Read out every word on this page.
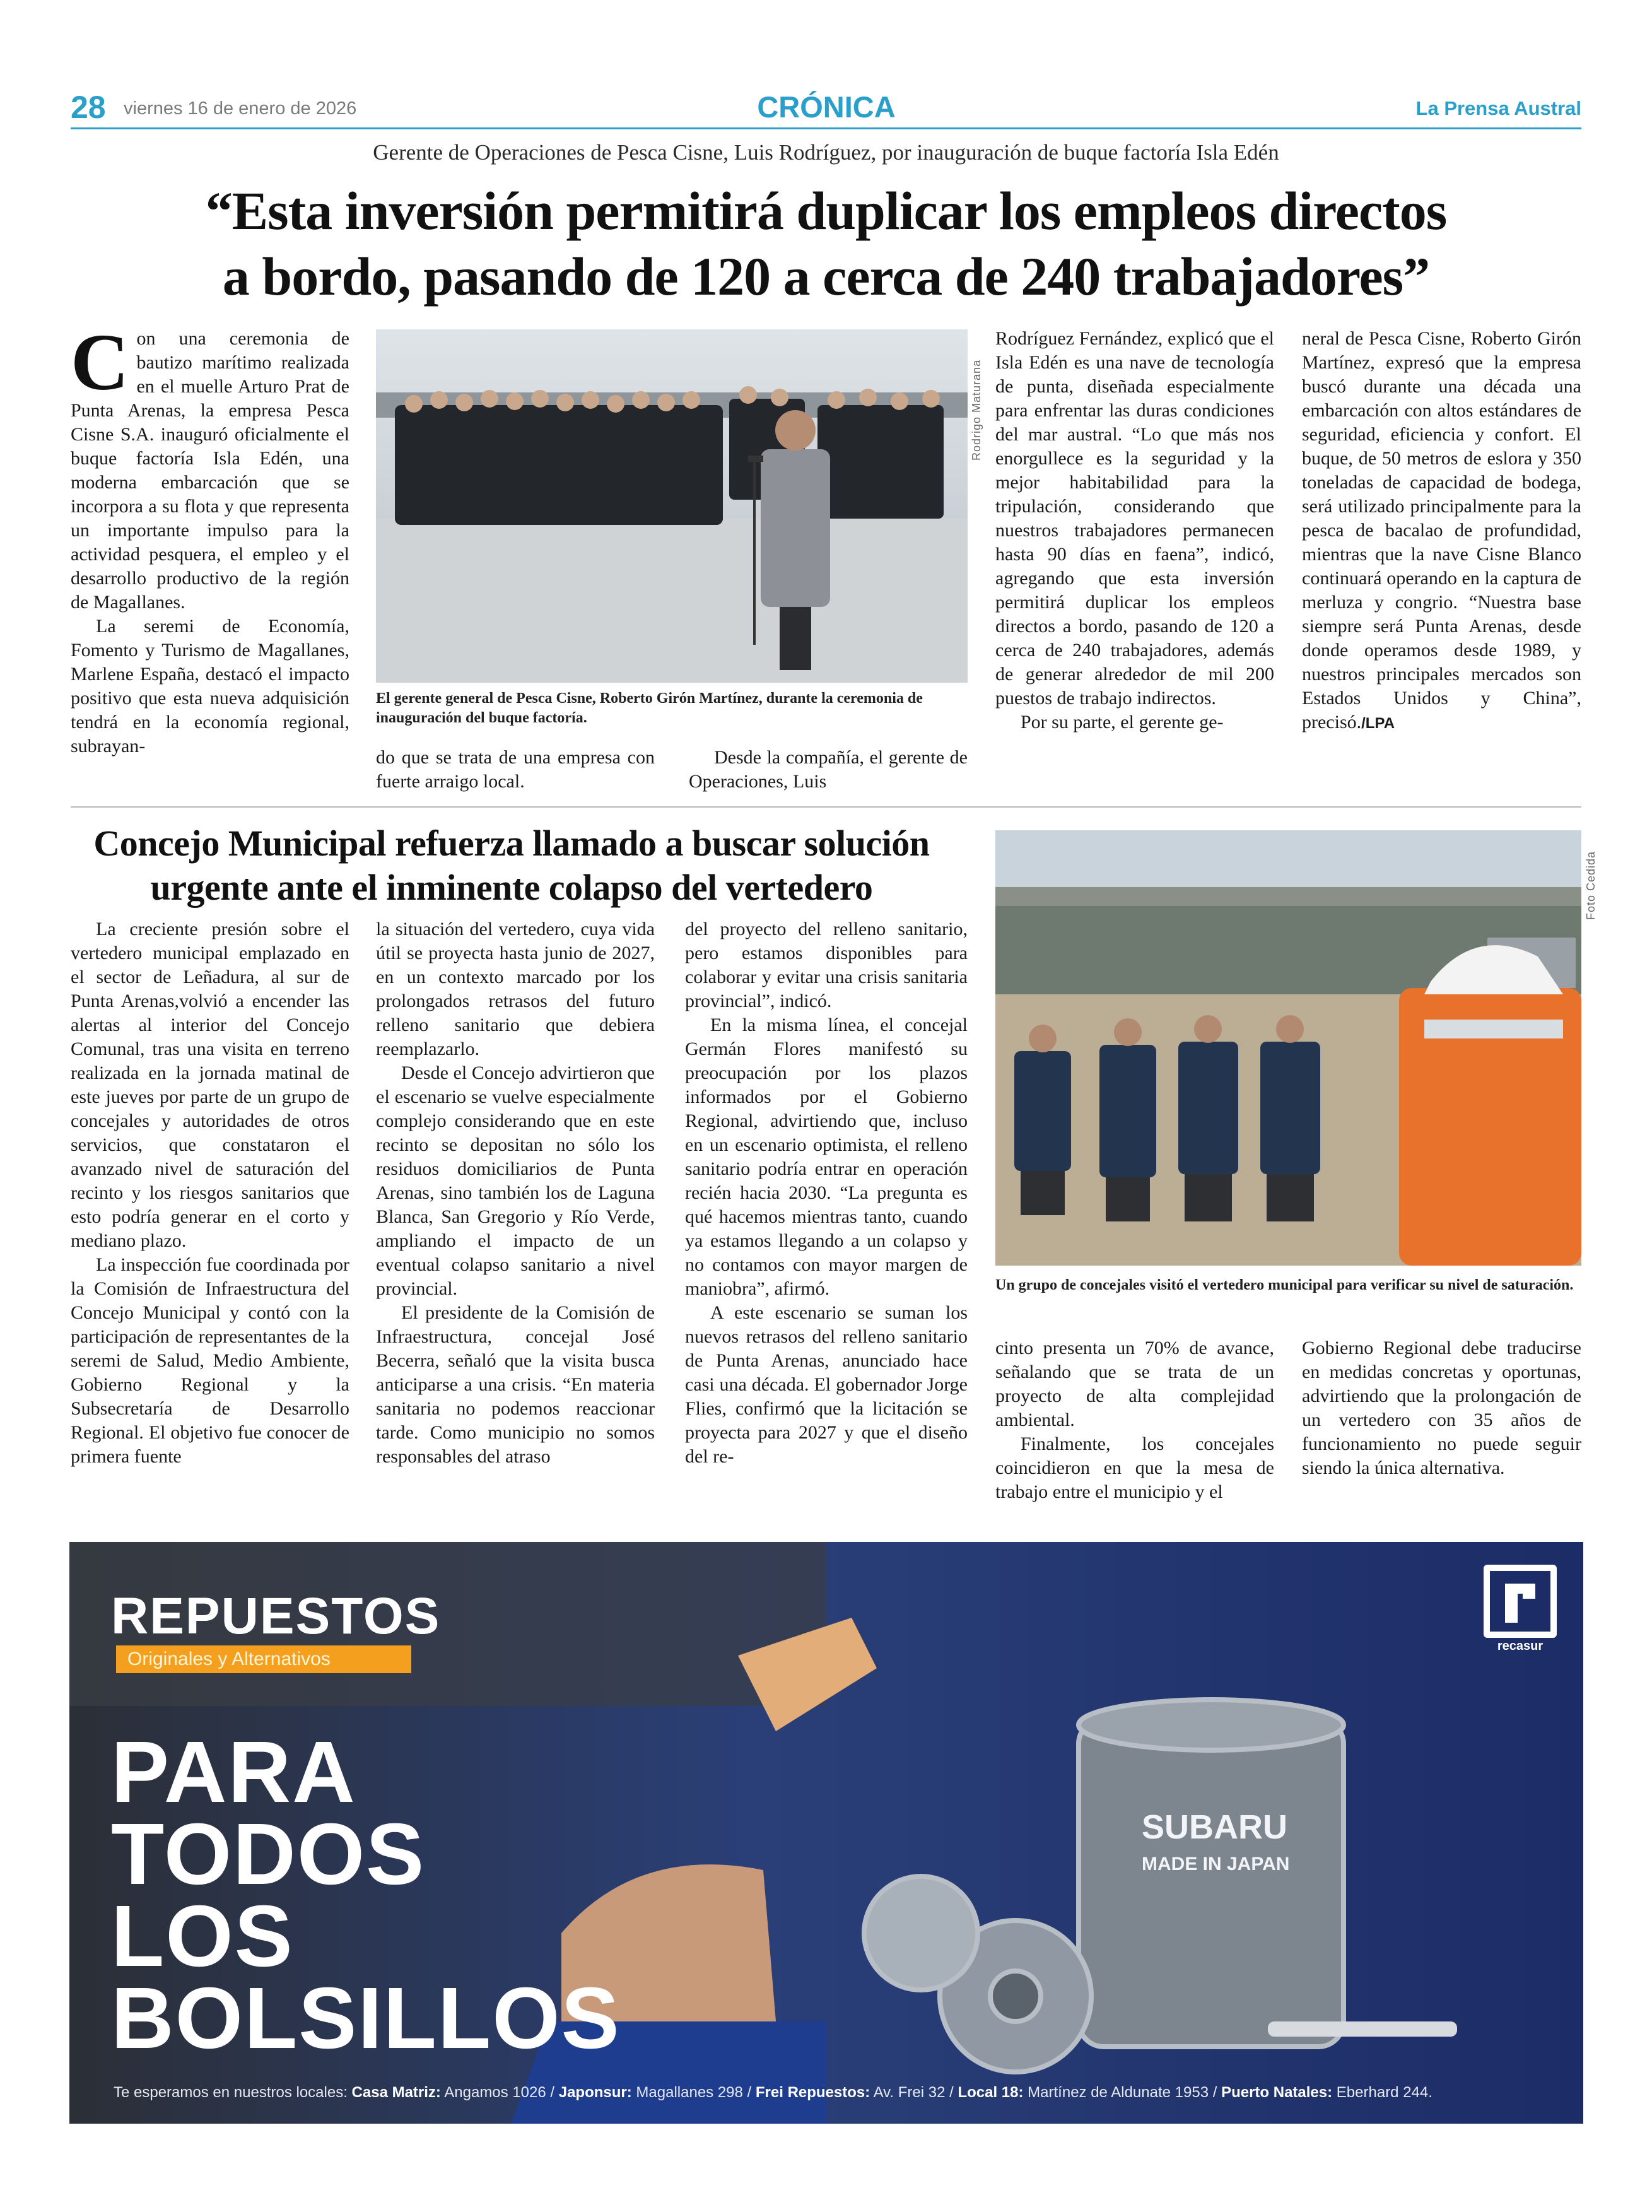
28 viernes 16 de enero de 2026	CRÓNICA	La Prensa Austral
Gerente de Operaciones de Pesca Cisne, Luis Rodríguez, por inauguración de buque factoría Isla Edén
“Esta inversión permitirá duplicar los empleos directos
a bordo, pasando de 120 a cerca de 240 trabajadores”

Con una ceremonia de bautizo marítimo realizada en el muelle Arturo Prat de Punta Arenas, la empresa Pesca Cisne S.A. inauguró oficialmente el buque factoría Isla Edén, una moderna embarcación que se incorpora a su flota y que representa un importante impulso para la actividad pesquera, el empleo y el desarrollo productivo de la región de Magallanes.

La seremi de Economía, Fomento y Turismo de Magallanes, Marlene España, destacó el impacto positivo que esta nueva adquisición tendrá en la economía regional, subrayan-

Rodrigo Maturana
El gerente general de Pesca Cisne, Roberto Girón Martínez, durante la ceremonia de inauguración del buque factoría.

do que se trata de una empresa con fuerte arraigo local.

Desde la compañía, el gerente de Operaciones, Luis

Rodríguez Fernández, explicó que el Isla Edén es una nave de tecnología de punta, diseñada especialmente para enfrentar las duras condiciones del mar austral. “Lo que más nos enorgullece es la seguridad y la mejor habitabilidad para la tripulación, considerando que nuestros trabajadores permanecen hasta 90 días en faena”, indicó, agregando que esta inversión permitirá duplicar los empleos directos a bordo, pasando de 120 a cerca de 240 trabajadores, además de generar alrededor de mil 200 puestos de trabajo indirectos.

Por su parte, el gerente ge-

neral de Pesca Cisne, Roberto Girón Martínez, expresó que la empresa buscó durante una década una embarcación con altos estándares de seguridad, eficiencia y confort. El buque, de 50 metros de eslora y 350 toneladas de capacidad de bodega, será utilizado principalmente para la pesca de bacalao de profundidad, mientras que la nave Cisne Blanco continuará operando en la captura de merluza y congrio. “Nuestra base siempre será Punta Arenas, desde donde operamos desde 1989, y nuestros principales mercados son Estados Unidos y China”, precisó./LPA

Concejo Municipal refuerza llamado a buscar solución
urgente ante el inminente colapso del vertedero

La creciente presión sobre el vertedero municipal emplazado en el sector de Leñadura, al sur de Punta Arenas,volvió a encender las alertas al interior del Concejo Comunal, tras una visita en terreno realizada en la jornada matinal de este jueves por parte de un grupo de concejales y autoridades de otros servicios, que constataron el avanzado nivel de saturación del recinto y los riesgos sanitarios que esto podría generar en el corto y mediano plazo.

La inspección fue coordinada por la Comisión de Infraestructura del Concejo Municipal y contó con la participación de representantes de la seremi de Salud, Medio Ambiente, Gobierno Regional y la Subsecretaría de Desarrollo Regional. El objetivo fue conocer de primera fuente

la situación del vertedero, cuya vida útil se proyecta hasta junio de 2027, en un contexto marcado por los prolongados retrasos del futuro relleno sanitario que debiera reemplazarlo.

Desde el Concejo advirtieron que el escenario se vuelve especialmente complejo considerando que en este recinto se depositan no sólo los residuos domiciliarios de Punta Arenas, sino también los de Laguna Blanca, San Gregorio y Río Verde, ampliando el impacto de un eventual colapso sanitario a nivel provincial.

El presidente de la Comisión de Infraestructura, concejal José Becerra, señaló que la visita busca anticiparse a una crisis. “En materia sanitaria no podemos reaccionar tarde. Como municipio no somos responsables del atraso

del proyecto del relleno sanitario, pero estamos disponibles para colaborar y evitar una crisis sanitaria provincial”, indicó.

En la misma línea, el concejal Germán Flores manifestó su preocupación por los plazos informados por el Gobierno Regional, advirtiendo que, incluso en un escenario optimista, el relleno sanitario podría entrar en operación recién hacia 2030. “La pregunta es qué hacemos mientras tanto, cuando ya estamos llegando a un colapso y no contamos con mayor margen de maniobra”, afirmó.

A este escenario se suman los nuevos retrasos del relleno sanitario de Punta Arenas, anunciado hace casi una década. El gobernador Jorge Flies, confirmó que la licitación se proyecta para 2027 y que el diseño del re-

Foto Cedida
Un grupo de concejales visitó el vertedero municipal para verificar su nivel de saturación.

cinto presenta un 70% de avance, señalando que se trata de un proyecto de alta complejidad ambiental.

Finalmente, los concejales coincidieron en que la mesa de trabajo entre el municipio y el

Gobierno Regional debe traducirse en medidas concretas y oportunas, advirtiendo que la prolongación de un vertedero con 35 años de funcionamiento no puede seguir siendo la única alternativa.

SUBARU
MADE IN JAPAN
REPUESTOS
Originales y Alternativos
PARA
TODOS
LOS
BOLSILLOS
recasur
Te esperamos en nuestros locales: Casa Matriz: Angamos 1026 / Japonsur: Magallanes 298 / Frei Repuestos: Av. Frei 32 / Local 18: Martínez de Aldunate 1953 / Puerto Natales: Eberhard 244.
